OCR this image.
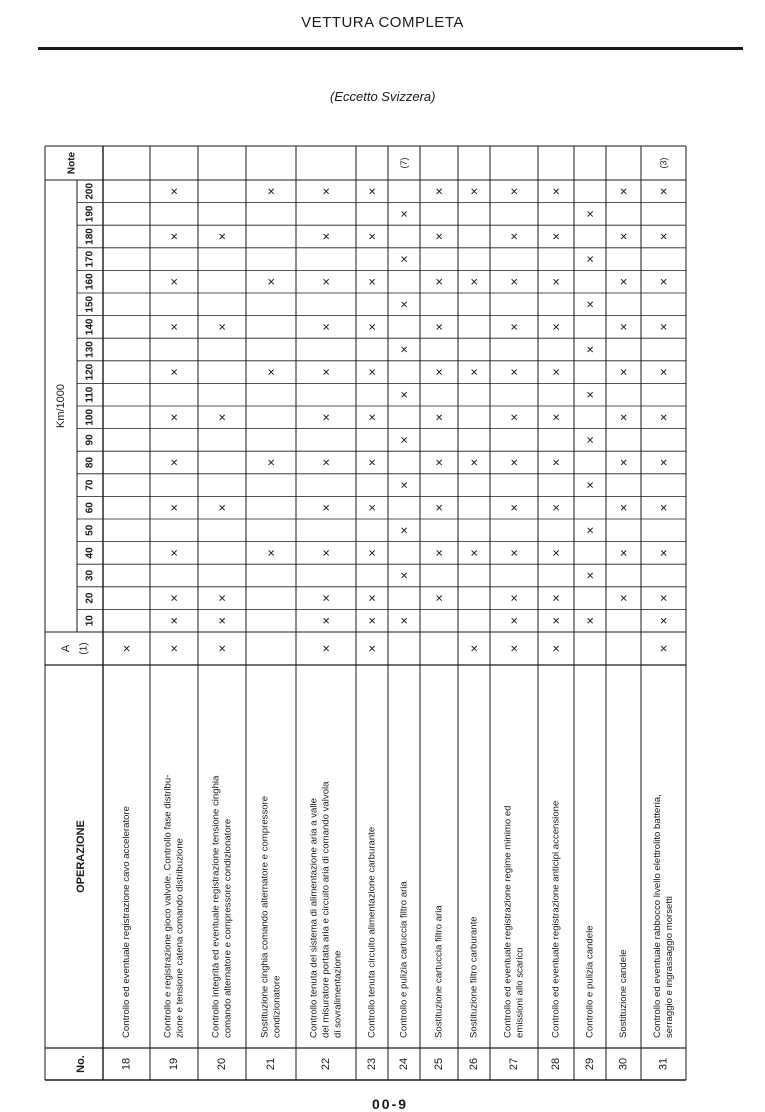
VETTURA COMPLETA
(Eccetto Svizzera)
No.
OPERAZIONE
A (1)
Km/1000
Note
10
20
30
40
50
60
70
80
90
100
110
120
130
140
150
160
170
180
190
200
18
Controllo ed eventuale registrazione cavo acceleratore
×
19
Controllo e registrazione gioco valvole. Controllo fase distribu- zione e tensione catena comando distribuzione
×
×
×
×
×
×
×
×
×
×
×
×
20
Controllo integrità ed eventuale registrazione tensione cinghia comando alternatore e compressore condizionatore
×
×
×
×
×
×
×
21
Sostituzione cinghia comando alternatore e compressore condizionatore
×
×
×
×
×
22
Controllo tenuta del sistema di alimentazione aria a valle del misuratore portata aria e circuito aria di comando valvola di sovralimentazione
×
×
×
×
×
×
×
×
×
×
×
×
23
Controllo tenuta circuito alimentazione carburante
×
×
×
×
×
×
×
×
×
×
×
×
24
Controllo e pulizia cartuccia filtro aria
×
×
×
×
×
×
×
×
×
×
(7)
25
Sostituzione cartuccia filtro aria
×
×
×
×
×
×
×
×
×
×
26
Sostituzione filtro carburante
×
×
×
×
×
×
27
Controllo ed eventuale registrazione regime minimo ed emissioni allo scarico
×
×
×
×
×
×
×
×
×
×
×
×
28
Controllo ed eventuale registrazione anticipi accensione
×
×
×
×
×
×
×
×
×
×
×
×
29
Controllo e pulizia candele
×
×
×
×
×
×
×
×
×
×
30
Sostituzione candele
×
×
×
×
×
×
×
×
×
×
31
Controllo ed eventuale rabbocco livello elettrolito batteria, serraggio e ingrassaggio morsetti
×
×
×
×
×
×
×
×
×
×
×
×
(3)
00-9
